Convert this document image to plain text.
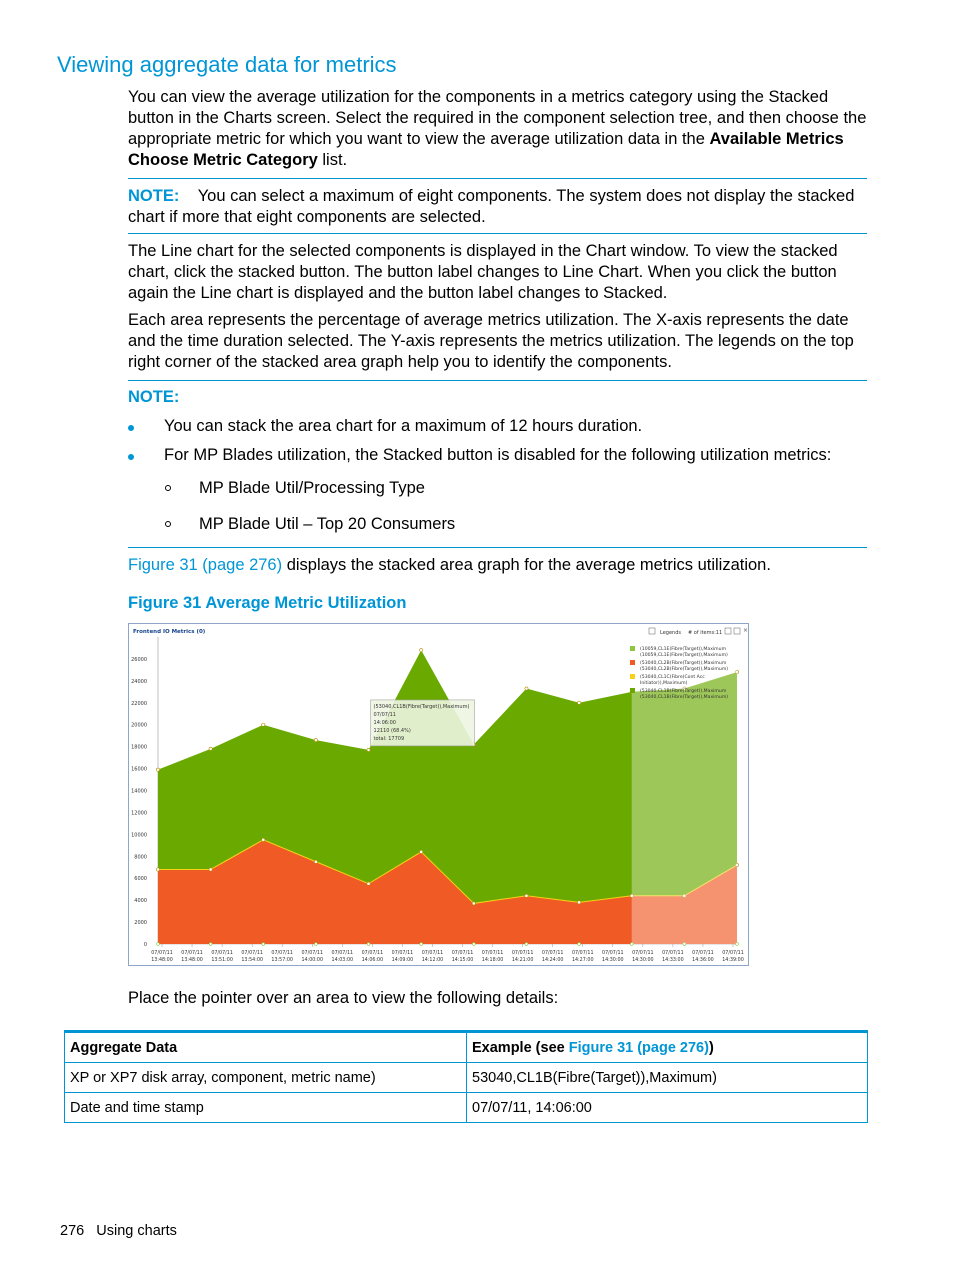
Viewing aggregate data for metrics

You can view the average utilization for the components in a metrics category using the Stacked button in the Charts screen. Select the required in the component selection tree, and then choose the appropriate metric for which you want to view the average utilization data in the Available Metrics Choose Metric Category list.

NOTE: You can select a maximum of eight components. The system does not display the stacked chart if more that eight components are selected.

The Line chart for the selected components is displayed in the Chart window. To view the stacked chart, click the stacked button. The button label changes to Line Chart. When you click the button again the Line chart is displayed and the button label changes to Stacked.

Each area represents the percentage of average metrics utilization. The X-axis represents the date and the time duration selected. The Y-axis represents the metrics utilization. The legends on the top right corner of the stacked area graph help you to identify the components.

NOTE:
You can stack the area chart for a maximum of 12 hours duration.
For MP Blades utilization, the Stacked button is disabled for the following utilization metrics:
MP Blade Util/Processing Type
MP Blade Util – Top 20 Consumers

Figure 31 (page 276) displays the stacked area graph for the average metrics utilization.

Figure 31 Average Metric Utilization

Frontend IO Metrics (0)
0
2000
4000
6000
8000
10000
12000
14000
16000
18000
20000
22000
24000
26000
(53040,CL1B(Fibre(Target)),Maximum)
07/07/11
14:06:00
12110 (68.4%)
total: 17709
07/07/11
13:48:00
07/07/11
13:48:00
07/07/11
13:51:00
07/07/11
13:54:00
07/07/11
13:57:00
07/07/11
14:00:00
07/07/11
14:03:00
07/07/11
14:06:00
07/07/11
14:09:00
07/07/11
14:12:00
07/07/11
14:15:00
07/07/11
14:18:00
07/07/11
14:21:00
07/07/11
14:24:00
07/07/11
14:27:00
07/07/11
14:30:00
07/07/11
14:30:00
07/07/11
14:33:00
07/07/11
14:36:00
07/07/11
14:39:00
Legends # of items:11	×
(10059,CL1E(Fibre(Target)),Maximum
(10059,CL1E(Fibre(Target)),Maximum)
(53040,CL2B(Fibre(Target)),Maximum
(53040,CL2B(Fibre(Target)),Maximum)
(53040,CL1C(Fibre(Cont Acc
Initiator)),Maximum)
(53040,CL1B(Fibre(Target)),Maximum
(53040,CL1B(Fibre(Target)),Maximum)

Place the pointer over an area to view the following details:

Aggregate Data	Example (see Figure 31 (page 276))
XP or XP7 disk array, component, metric name)	53040,CL1B(Fibre(Target)),Maximum)
Date and time stamp	07/07/11, 14:06:00
276 Using charts
